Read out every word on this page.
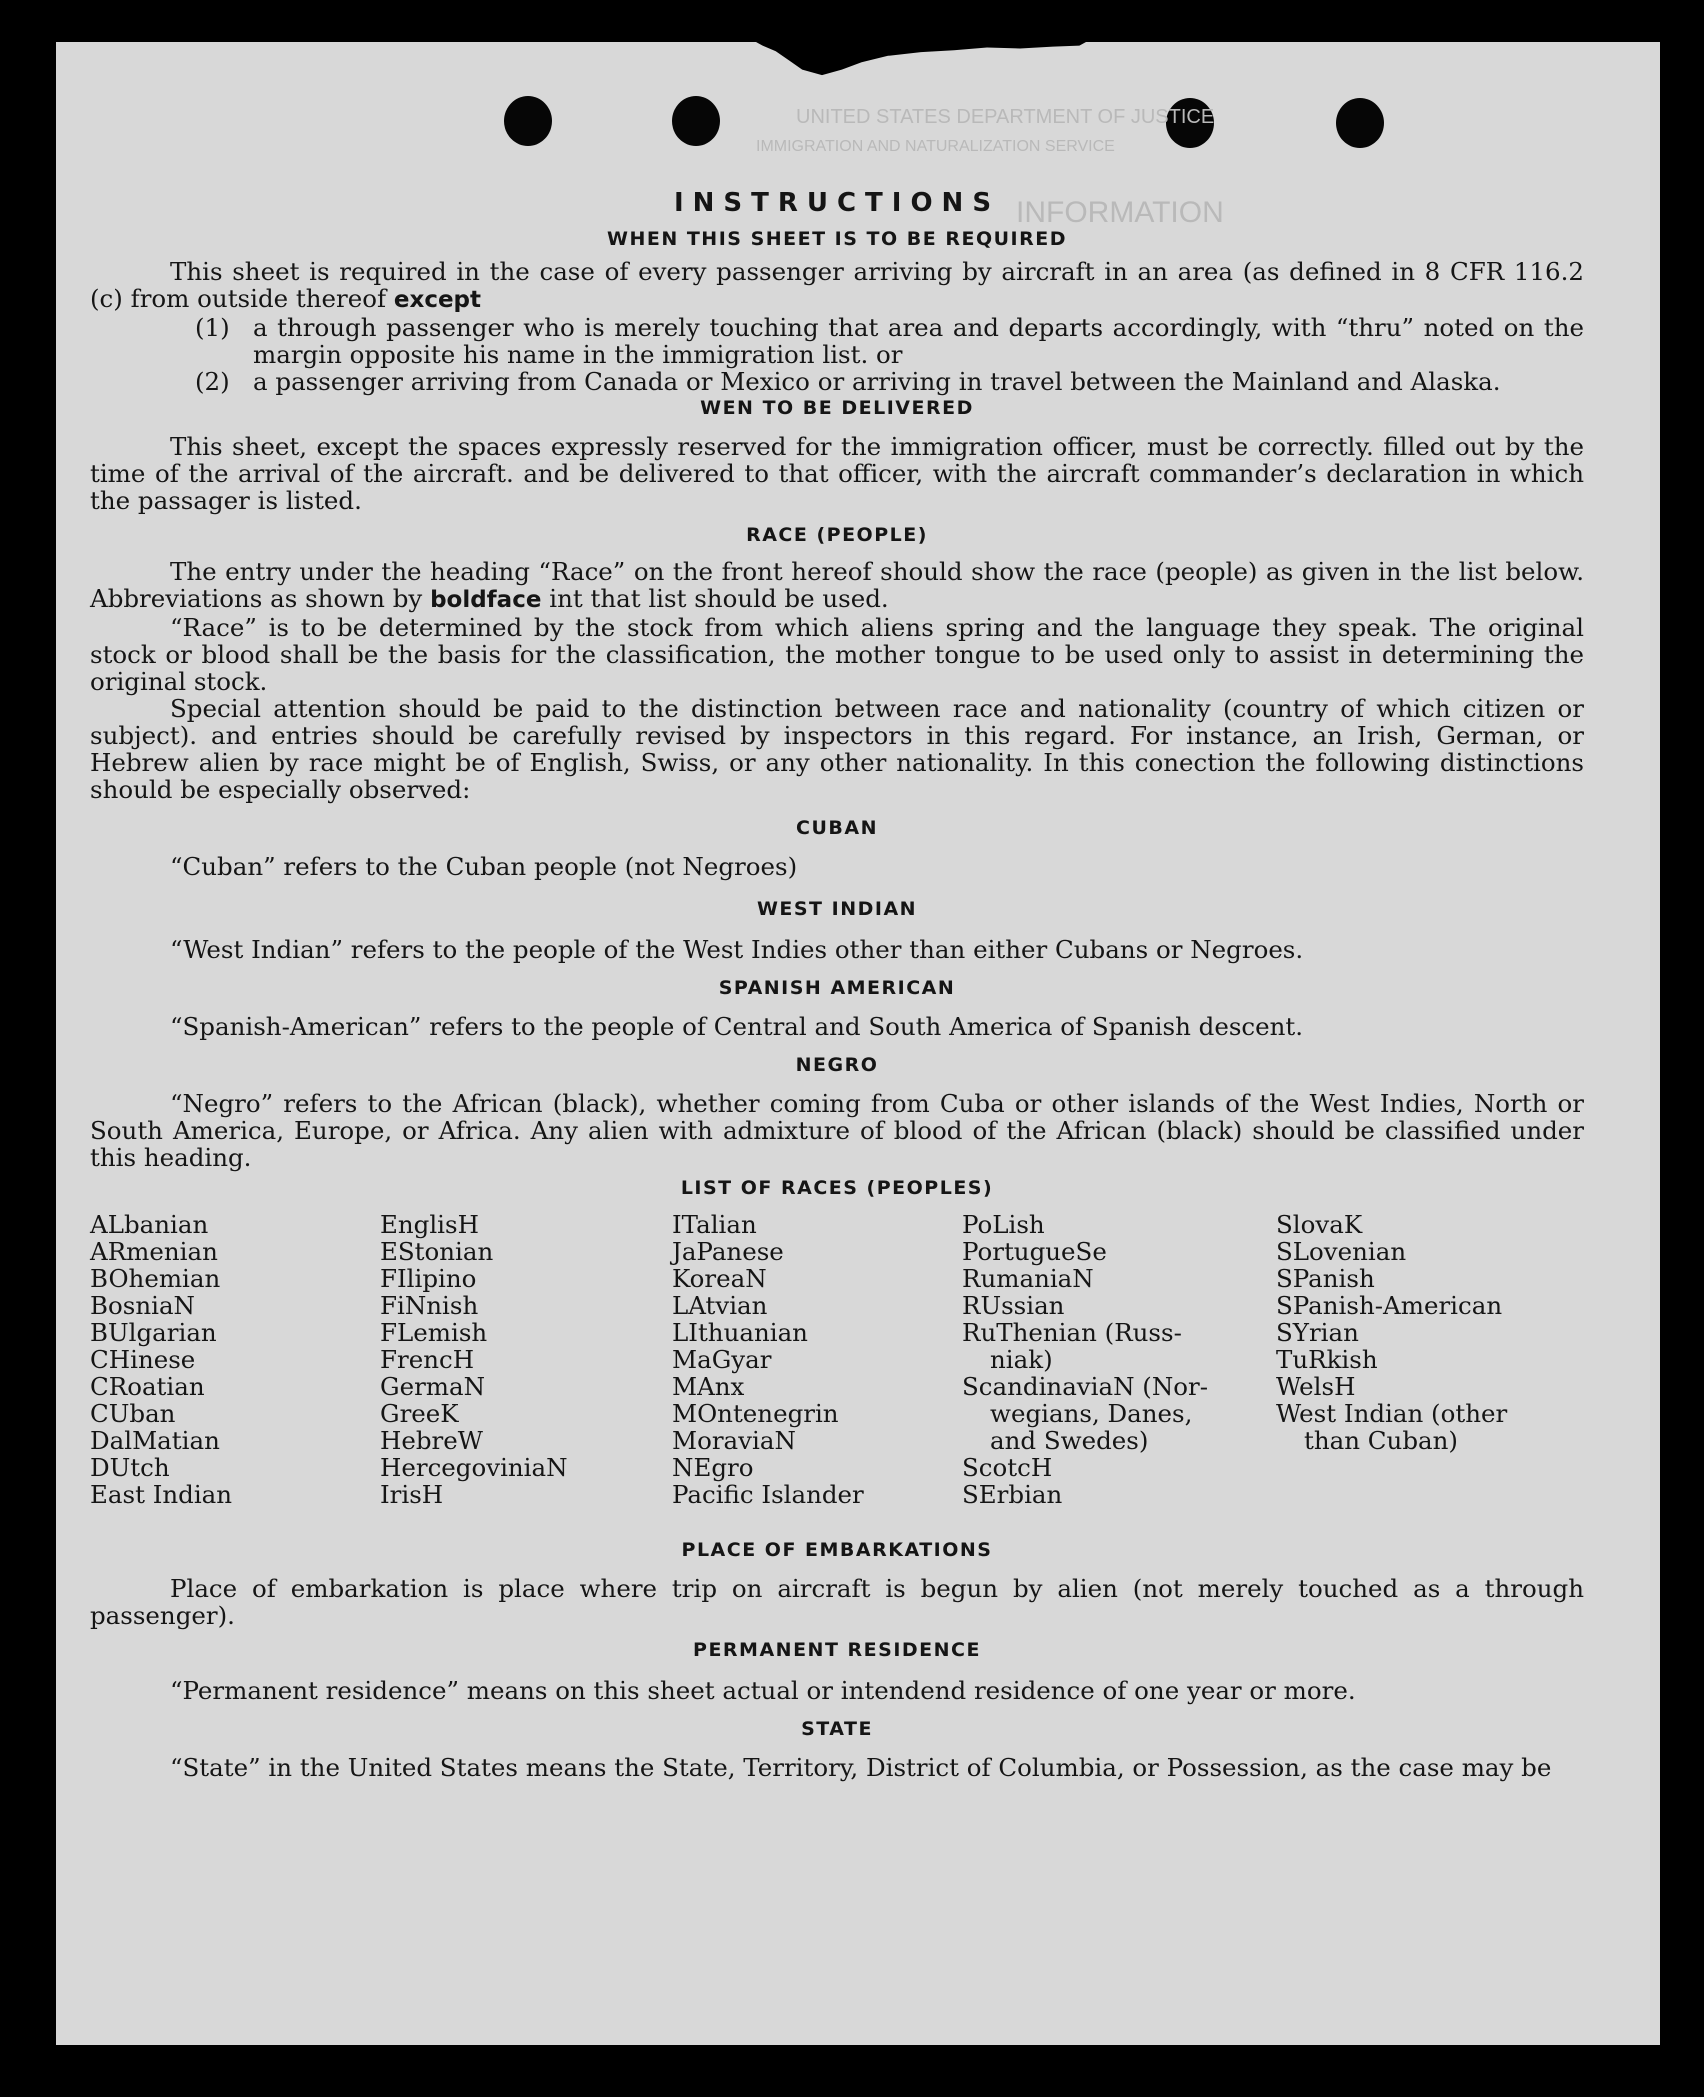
UNITED STATES DEPARTMENT OF JUSTICE
IMMIGRATION AND NATURALIZATION SERVICE
INFORMATION
INSTRUCTIONS
WHEN THIS SHEET IS TO BE REQUIRED

This sheet is required in the case of every passenger arriving by aircraft in an area (as defined in 8 CFR 116.2 (c) from outside thereof except

(1) a through passenger who is merely touching that area and departs accordingly, with “thru” noted on the margin opposite his name in the immigration list. or
(2) a passenger arriving from Canada or Mexico or arriving in travel between the Mainland and Alaska.
WEN TO BE DELIVERED

This sheet, except the spaces expressly reserved for the immigration officer, must be correctly. filled out by the time of the arrival of the aircraft. and be delivered to that officer, with the aircraft commander’s declaration in which the passager is listed.

RACE (PEOPLE)

The entry under the heading “Race” on the front hereof should show the race (people) as given in the list below. Abbreviations as shown by boldface int that list should be used.

“Race” is to be determined by the stock from which aliens spring and the language they speak. The original stock or blood shall be the basis for the classification, the mother tongue to be used only to assist in determining the original stock.

Special attention should be paid to the distinction between race and nationality (country of which citizen or subject). and entries should be carefully revised by inspectors in this regard. For instance, an Irish, German, or Hebrew alien by race might be of English, Swiss, or any other nationality. In this conection the following distinctions should be especially observed:

CUBAN

“Cuban” refers to the Cuban people (not Negroes)

WEST INDIAN

“West Indian” refers to the people of the West Indies other than either Cubans or Negroes.

SPANISH AMERICAN

“Spanish-American” refers to the people of Central and South America of Spanish descent.

NEGRO

“Negro” refers to the African (black), whether coming from Cuba or other islands of the West Indies, North or South America, Europe, or Africa. Any alien with admixture of blood of the African (black) should be classified under this heading.

LIST OF RACES (PEOPLES)
ALbanian
ARmenian
BOhemian
BosniaN
BUlgarian
CHinese
CRoatian
CUban
DalMatian
DUtch
East Indian
EnglisH
EStonian
FIlipino
FiNnish
FLemish
FrencH
GermaN
GreeK
HebreW
HercegoviniaN
IrisH
ITalian
JaPanese
KoreaN
LAtvian
LIthuanian
MaGyar
MAnx
MOntenegrin
MoraviaN
NEgro
Pacific Islander
PoLish
PortugueSe
RumaniaN
RUssian
RuThenian (Russ-
niak)
ScandinaviaN (Nor-
wegians, Danes,
and Swedes)
ScotcH
SErbian
SlovaK
SLovenian
SPanish
SPanish-American
SYrian
TuRkish
WelsH
West Indian (other
than Cuban)
PLACE OF EMBARKATIONS

Place of embarkation is place where trip on aircraft is begun by alien (not merely touched as a through passenger).

PERMANENT RESIDENCE

“Permanent residence” means on this sheet actual or intendend residence of one year or more.

STATE

“State” in the United States means the State, Territory, District of Columbia, or Possession, as the case may be
